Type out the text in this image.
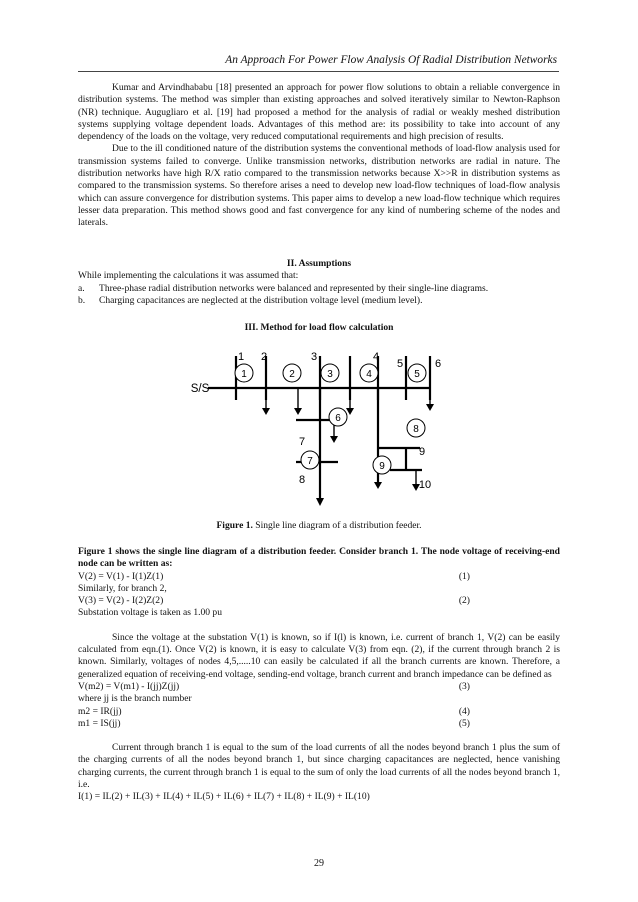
An Approach For Power Flow Analysis Of Radial Distribution Networks

Kumar and Arvindhababu [18] presented an approach for power flow solutions to obtain a reliable convergence in distribution systems. The method was simpler than existing approaches and solved iteratively similar to Newton-Raphson (NR) technique. Augugliaro et al. [19] had proposed a method for the analysis of radial or weakly meshed distribution systems supplying voltage dependent loads. Advantages of this method are: its possibility to take into account of any dependency of the loads on the voltage, very reduced computational requirements and high precision of results.

Due to the ill conditioned nature of the distribution systems the conventional methods of load-flow analysis used for transmission systems failed to converge. Unlike transmission networks, distribution networks are radial in nature. The distribution networks have high R/X ratio compared to the transmission networks because X>>R in distribution systems as compared to the transmission systems. So therefore arises a need to develop new load-flow techniques of load-flow analysis which can assure convergence for distribution systems. This paper aims to develop a new load-flow technique which requires lesser data preparation. This method shows good and fast convergence for any kind of numbering scheme of the nodes and laterals.

II. Assumptions

While implementing the calculations it was assumed that:

a.	Three-phase radial distribution networks were balanced and represented by their single-line diagrams.
b.	Charging capacitances are neglected at the distribution voltage level (medium level).

III. Method for load flow calculation

1	2	3	4	5
6
7
8
9
1 2	3	4
5	6
7
8
9
10
S/S
Figure 1. Single line diagram of a distribution feeder.

Figure 1 shows the single line diagram of a distribution feeder. Consider branch 1. The node voltage of receiving-end node can be written as:

V(2) = V(1) - I(1)Z(1)	(1)

Similarly, for branch 2,

V(3) = V(2) - I(2)Z(2)	(2)

Substation voltage is taken as 1.00 pu

Since the voltage at the substation V(1) is known, so if I(l) is known, i.e. current of branch 1, V(2) can be easily calculated from eqn.(1). Once V(2) is known, it is easy to calculate V(3) from eqn. (2), if the current through branch 2 is known. Similarly, voltages of nodes 4,5,.....10 can easily be calculated if all the branch currents are known. Therefore, a generalized equation of receiving-end voltage, sending-end voltage, branch current and branch impedance can be defined as

V(m2) = V(m1) - I(jj)Z(jj)	(3)

where jj is the branch number

m2 = IR(jj)	(4)
m1 = IS(jj)	(5)

Current through branch 1 is equal to the sum of the load currents of all the nodes beyond branch 1 plus the sum of the charging currents of all the nodes beyond branch 1, but since charging capacitances are neglected, hence vanishing charging currents, the current through branch 1 is equal to the sum of only the load currents of all the nodes beyond branch 1, i.e.

I(1) = IL(2) + IL(3) + IL(4) + IL(5) + IL(6) + IL(7) + IL(8) + IL(9) + IL(10)

29
